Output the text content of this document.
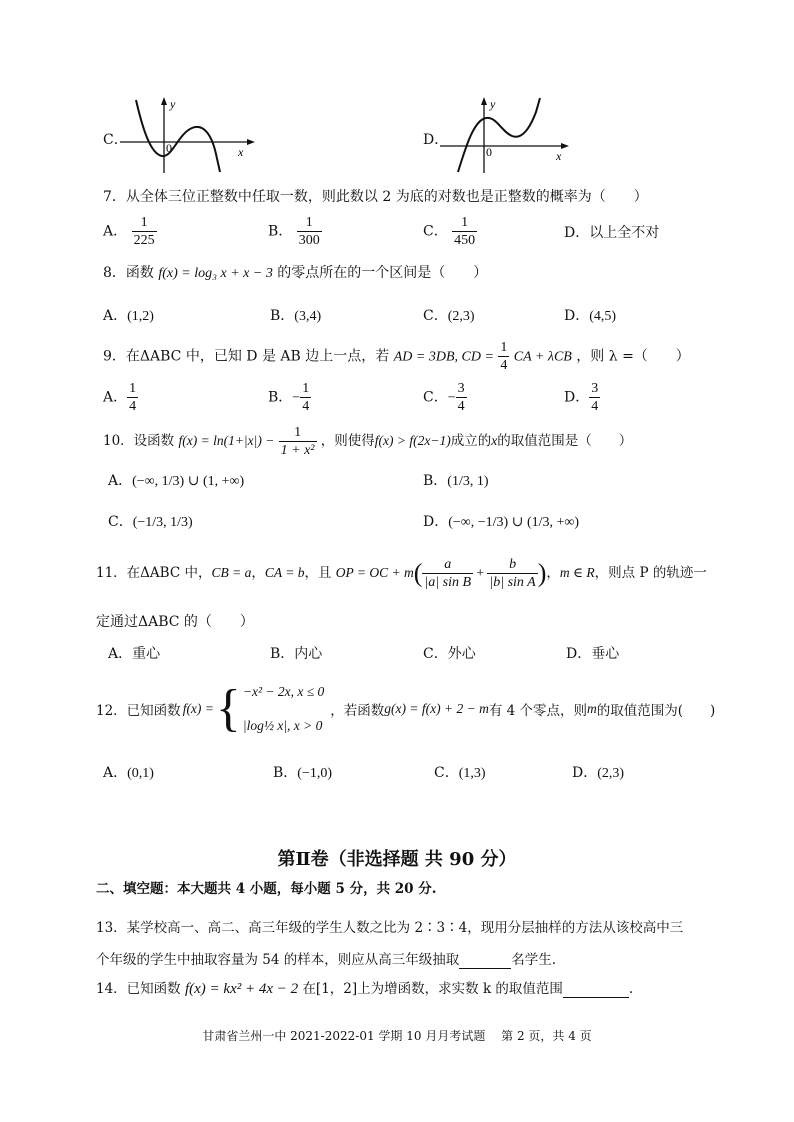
C．
y
x
0	D．
y
x
0
7．从全体三位正整数中任取一数，则此数以 2 为底的对数也是正整数的概率为（　　）
A． $\frac{1}{225}$	B． $\frac{1}{300}$	C． $\frac{1}{450}$	D．以上全不对
8．函数 f(x) = log₃ x + x − 3 的零点所在的一个区间是（　　）
A．(1,2)	B．(3,4)	C．(2,3)	D．(4,5)
9．在ΔABC 中，已知 D 是 AB 边上一点，若 AD = 3DB, CD = $\frac{1}{4}$ CA + λCB ，则 λ =（　　）
A． $\frac{1}{4}$	B．− $\frac{1}{4}$	C．− $\frac{3}{4}$	D． $\frac{3}{4}$
10．设函数 $f(x) = \ln(1+|x|) - \frac{1}{\text{1 + x²}}$ ，则使得f(x) > f(2x−1)成立的x的取值范围是（　　）
A．(−∞, 1/3) ∪ (1, +∞)	B．(1/3, 1)
C．(−1/3, 1/3)	D．(−∞, −1/3) ∪ (1/3, +∞)
11．在ΔABC 中，CB = a，CA = b，且 OP = OC + $m( \frac{a}{\text{|a| sin B}} + \frac{b}{\text{|b| sin A}}$ )，m ∈ R，则点 P 的轨迹一
定通过ΔABC 的（　　）
A．重心	B．内心	C．外心	D．垂心
12．已知函数 f(x) = { −x² − 2x, x ≤ 0
|log½ x|, x > 0
，若函数 g(x) = f(x) + 2 − m 有 4 个零点，则 m 的取值范围为(　　)
A．(0,1)	B．(−1,0)	C．(1,3)	D．(2,3)
第Ⅱ卷（非选择题 共 90 分）
二、填空题：本大题共 4 小题，每小题 5 分，共 20 分.
13．某学校高一、高二、高三年级的学生人数之比为 2∶3∶4，现用分层抽样的方法从该校高中三
个年级的学生中抽取容量为 54 的样本，则应从高三年级抽取	名学生.
14．已知函数 f(x) = kx² + 4x − 2 在[1，2]上为增函数，求实数 k 的取值范围	.
甘肃省兰州一中 2021-2022-01 学期 10 月月考试题　 第 2 页，共 4 页
